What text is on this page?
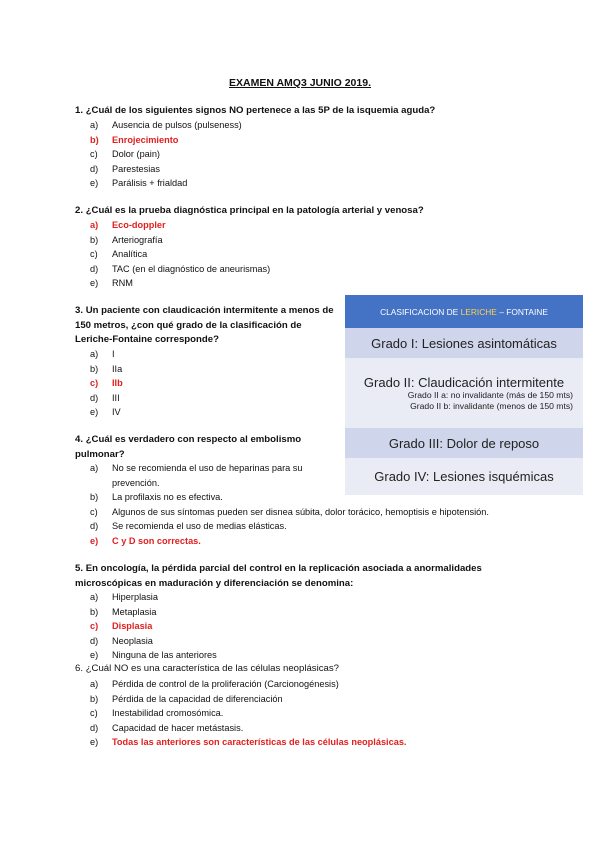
EXAMEN AMQ3 JUNIO 2019.
1. ¿Cuál de los siguientes signos NO pertenece a las 5P de la isquemia aguda?
a) Ausencia de pulsos (pulseness)
b) Enrojecimiento
c) Dolor (pain)
d) Parestesias
e) Parálisis + frialdad
2. ¿Cuál es la prueba diagnóstica principal en la patología arterial y venosa?
a) Eco-doppler
b) Arteriografía
c) Analítica
d) TAC (en el diagnóstico de aneurismas)
e) RNM
3. Un paciente con claudicación intermitente a menos de
150 metros, ¿con qué grado de la clasificación de
Leriche-Fontaine corresponde?
a) I
b) IIa
c) IIb
d) III
e) IV
CLASIFICACION DE LERICHE – FONTAINE
Grado I: Lesiones asintomáticas
Grado II: Claudicación intermitente
Grado II a: no invalidante (más de 150 mts)
Grado II b: invalidante (menos de 150 mts)
Grado III: Dolor de reposo
Grado IV: Lesiones isquémicas
4. ¿Cuál es verdadero con respecto al embolismo
pulmonar?
a) No se recomienda el uso de heparinas para su prevención.
b) La profilaxis no es efectiva.
c) Algunos de sus síntomas pueden ser disnea súbita, dolor torácico, hemoptisis e hipotensión.
d) Se recomienda el uso de medias elásticas.
e) C y D son correctas.
5. En oncología, la pérdida parcial del control en la replicación asociada a anormalidades
microscópicas en maduración y diferenciación se denomina:
a) Hiperplasia
b) Metaplasia
c) Displasia
d) Neoplasia
e) Ninguna de las anteriores
6. ¿Cuál NO es una característica de las células neoplásicas?
a) Pérdida de control de la proliferación (Carcionogénesis)
b) Pérdida de la capacidad de diferenciación
c) Inestabilidad cromosómica.
d) Capacidad de hacer metástasis.
e) Todas las anteriores son características de las células neoplásicas.
